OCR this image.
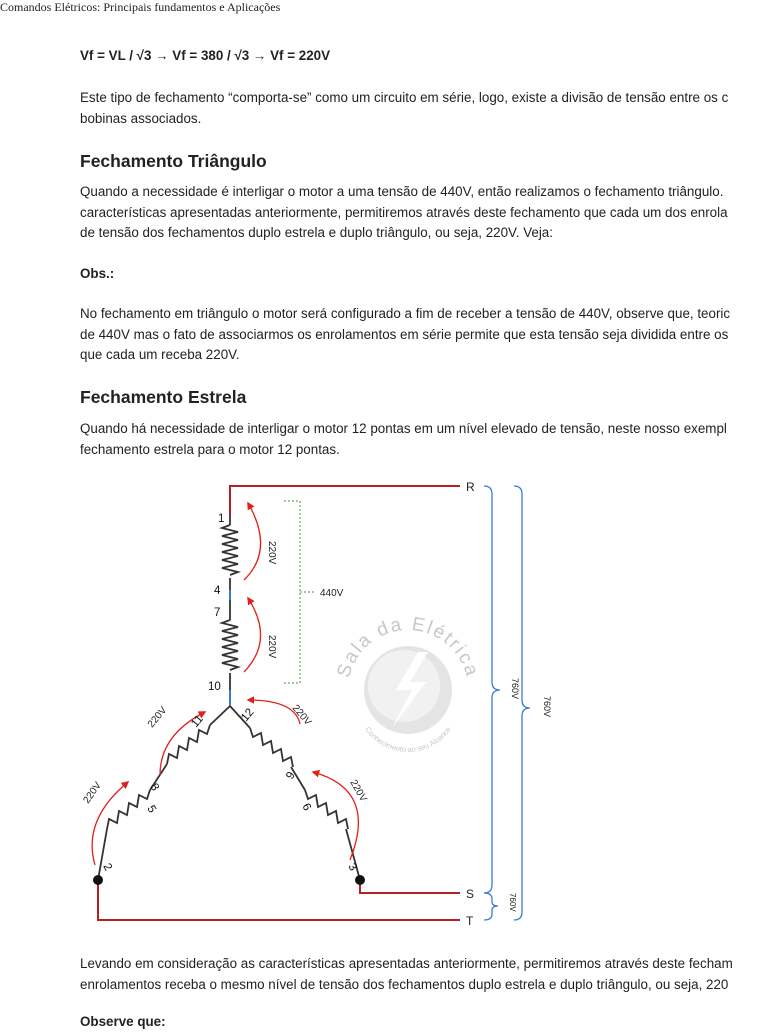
Comandos Elétricos: Principais fundamentos e Aplicações
Vf = VL / √3 → Vf = 380 / √3 → Vf = 220V
Este tipo de fechamento “comporta-se” como um circuito em série, logo, existe a divisão de tensão entre os c
bobinas associados.
Fechamento Triângulo
Quando a necessidade é interligar o motor a uma tensão de 440V, então realizamos o fechamento triângulo.
características apresentadas anteriormente, permitiremos através deste fechamento que cada um dos enrola
de tensão dos fechamentos duplo estrela e duplo triângulo, ou seja, 220V. Veja:
Obs.:
No fechamento em triângulo o motor será configurado a fim de receber a tensão de 440V, observe que, teoric
de 440V mas o fato de associarmos os enrolamentos em série permite que esta tensão seja dividida entre os
que cada um receba 220V.
Fechamento Estrela
Quando há necessidade de interligar o motor 12 pontas em um nível elevado de tensão, neste nosso exempl
fechamento estrela para o motor 12 pontas.
Sala da Elétrica
Conhecimento ao seu Alcance
R
S
T
1
4
7
10
11	12
8
9
5	6
2	3
220V
220V
220V
220V
220V
220V
440V
760V
760V
760V
Levando em consideração as características apresentadas anteriormente, permitiremos através deste fecham
enrolamentos receba o mesmo nível de tensão dos fechamentos duplo estrela e duplo triângulo, ou seja, 220
Observe que:
